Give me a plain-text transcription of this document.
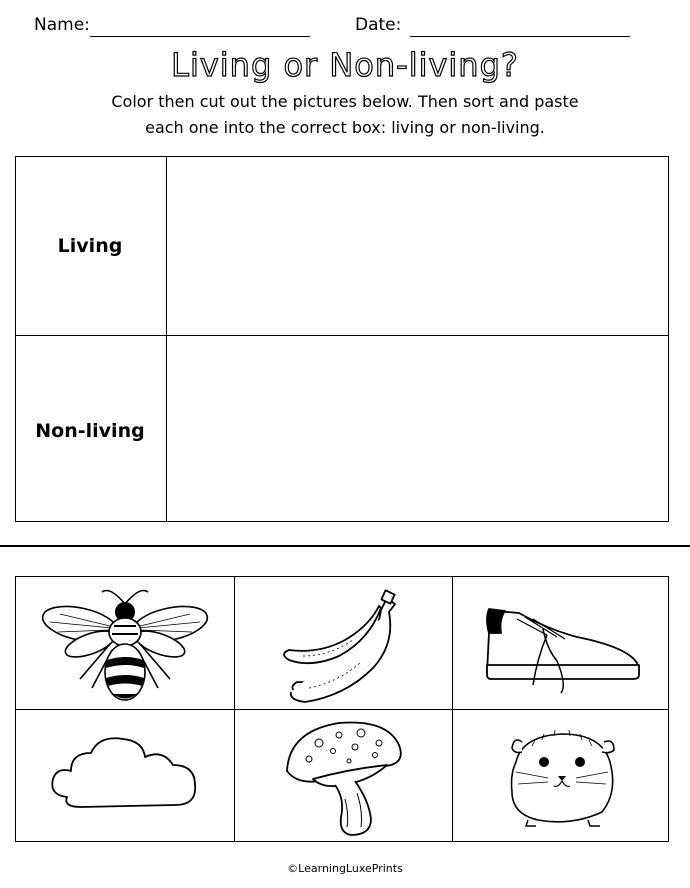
Name:	Date:
Living or Non-living?
Color then cut out the pictures below. Then sort and paste
each one into the correct box: living or non-living.
Living
Non-living
©LearningLuxePrints
